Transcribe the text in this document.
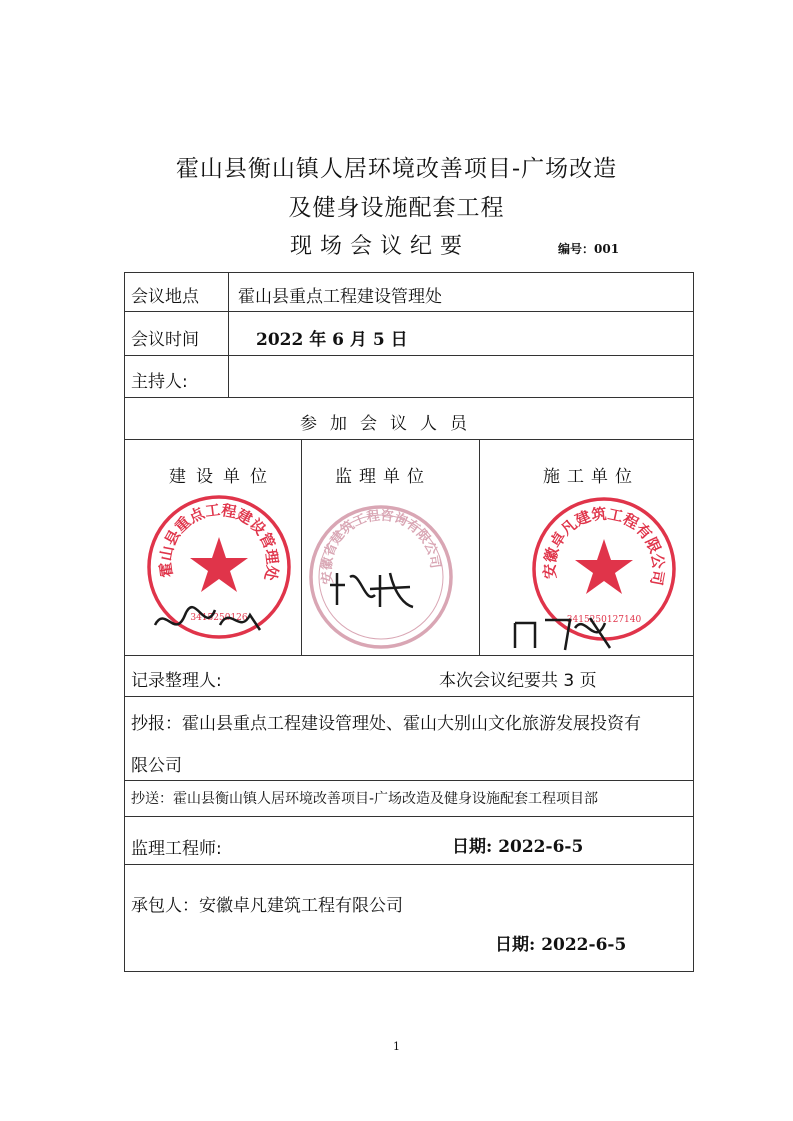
霍山县衡山镇人居环境改善项目-广场改造
及健身设施配套工程
现场会议纪要	编号：001
会议地点 霍山县重点工程建设管理处
会议时间	2022 年 6 月 5 日
主持人:
参加会议人员
建设单位	监理单位	施工单位
霍山县重点工程建设管理处
3415250126
安徽省建筑工程咨询有限公司
安徽卓凡建筑工程有限公司
3415250127140
记录整理人:	本次会议纪要共 3 页
抄报：霍山县重点工程建设管理处、霍山大别山文化旅游发展投资有
限公司
抄送：霍山县衡山镇人居环境改善项目-广场改造及健身设施配套工程项目部
监理工程师:	日期: 2022-6-5
承包人：安徽卓凡建筑工程有限公司
日期: 2022-6-5
1
